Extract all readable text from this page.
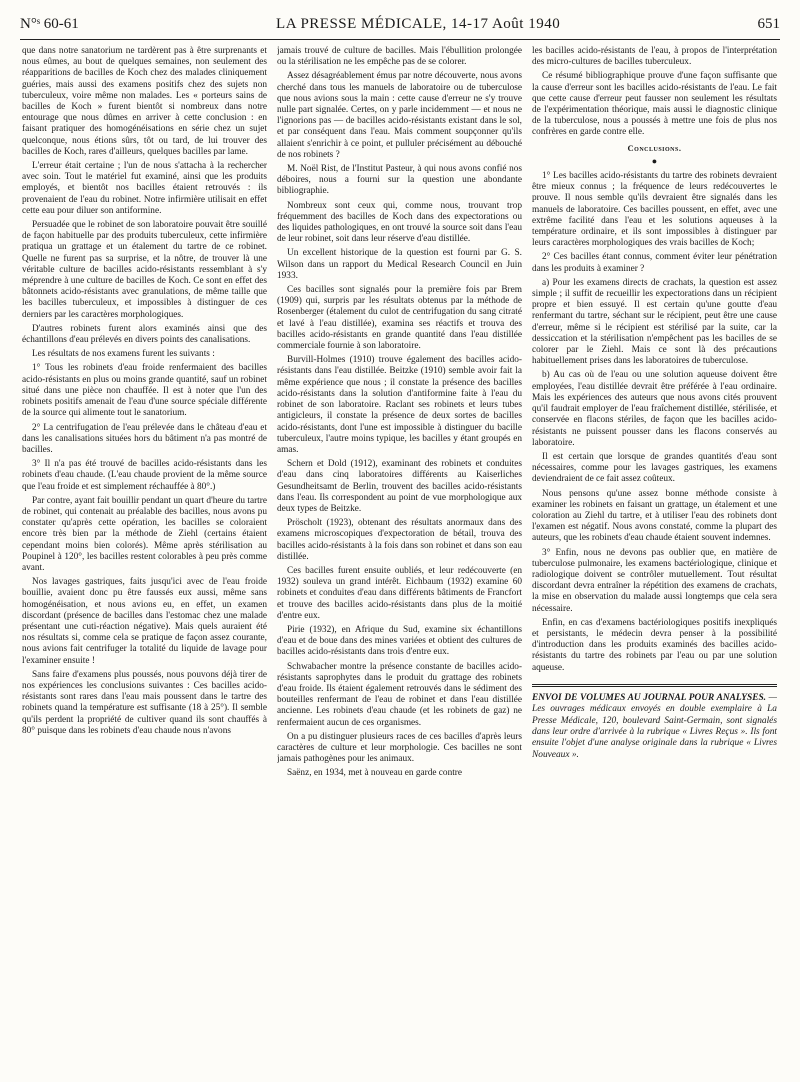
N°ˢ 60-61	LA PRESSE MÉDICALE, 14-17 Août 1940	651

que dans notre sanatorium ne tardèrent pas à être surprenants et nous eûmes, au bout de quelques semaines, non seulement des réapparitions de bacilles de Koch chez des malades cliniquement guéries, mais aussi des examens positifs chez des sujets non tuberculeux, voire même non malades. Les « porteurs sains de bacilles de Koch » furent bientôt si nombreux dans notre entourage que nous dûmes en arriver à cette conclusion : en faisant pratiquer des homogénéisations en série chez un sujet quelconque, nous étions sûrs, tôt ou tard, de lui trouver des bacilles de Koch, rares d'ailleurs, quelques bacilles par lame.

L'erreur était certaine ; l'un de nous s'attacha à la rechercher avec soin. Tout le matériel fut examiné, ainsi que les produits employés, et bientôt nos bacilles étaient retrouvés : ils provenaient de l'eau du robinet. Notre infirmière utilisait en effet cette eau pour diluer son antiformine.

Persuadée que le robinet de son laboratoire pouvait être souillé de façon habituelle par des produits tuberculeux, cette infirmière pratiqua un grattage et un étalement du tartre de ce robinet. Quelle ne furent pas sa surprise, et la nôtre, de trouver là une véritable culture de bacilles acido-résistants ressemblant à s'y méprendre à une culture de bacilles de Koch. Ce sont en effet des bâtonnets acido-résistants avec granulations, de même taille que les bacilles tuberculeux, et impossibles à distinguer de ces derniers par les caractères morphologiques.

D'autres robinets furent alors examinés ainsi que des échantillons d'eau prélevés en divers points des canalisations.

Les résultats de nos examens furent les suivants :

1° Tous les robinets d'eau froide renfermaient des bacilles acido-résistants en plus ou moins grande quantité, sauf un robinet situé dans une pièce non chauffée. Il est à noter que l'un des robinets positifs amenait de l'eau d'une source spéciale différente de la source qui alimente tout le sanatorium.

2° La centrifugation de l'eau prélevée dans le château d'eau et dans les canalisations situées hors du bâtiment n'a pas montré de bacilles.

3° Il n'a pas été trouvé de bacilles acido-résistants dans les robinets d'eau chaude. (L'eau chaude provient de la même source que l'eau froide et est simplement réchauffée à 80°.)

Par contre, ayant fait bouillir pendant un quart d'heure du tartre de robinet, qui contenait au préalable des bacilles, nous avons pu constater qu'après cette opération, les bacilles se coloraient encore très bien par la méthode de Ziehl (certains étaient cependant moins bien colorés). Même après stérilisation au Poupinel à 120°, les bacilles restent colorables à peu près comme avant.

Nos lavages gastriques, faits jusqu'ici avec de l'eau froide bouillie, avaient donc pu être faussés eux aussi, même sans homogénéisation, et nous avions eu, en effet, un examen discordant (présence de bacilles dans l'estomac chez une malade présentant une cuti-réaction négative). Mais quels auraient été nos résultats si, comme cela se pratique de façon assez courante, nous avions fait centrifuger la totalité du liquide de lavage pour l'examiner ensuite !

Sans faire d'examens plus poussés, nous pouvons déjà tirer de nos expériences les conclusions suivantes : Ces bacilles acido-résistants sont rares dans l'eau mais poussent dans le tartre des robinets quand la température est suffisante (18 à 25°). Il semble qu'ils perdent la propriété de cultiver quand ils sont chauffés à 80° puisque dans les robinets d'eau chaude nous n'avons

jamais trouvé de culture de bacilles. Mais l'ébullition prolongée ou la stérilisation ne les empêche pas de se colorer.

Assez désagréablement émus par notre découverte, nous avons cherché dans tous les manuels de laboratoire ou de tuberculose que nous avions sous la main : cette cause d'erreur ne s'y trouve nulle part signalée. Certes, on y parle incidemment — et nous ne l'ignorions pas — de bacilles acido-résistants existant dans le sol, et par conséquent dans l'eau. Mais comment soupçonner qu'ils allaient s'enrichir à ce point, et pulluler précisément au débouché de nos robinets ?

M. Noël Rist, de l'Institut Pasteur, à qui nous avons confié nos déboires, nous a fourni sur la question une abondante bibliographie.

Nombreux sont ceux qui, comme nous, trouvant trop fréquemment des bacilles de Koch dans des expectorations ou des liquides pathologiques, en ont trouvé la source soit dans l'eau de leur robinet, soit dans leur réserve d'eau distillée.

Un excellent historique de la question est fourni par G. S. Wilson dans un rapport du Medical Research Council en Juin 1933.

Ces bacilles sont signalés pour la première fois par Brem (1909) qui, surpris par les résultats obtenus par la méthode de Rosenberger (étalement du culot de centrifugation du sang citraté et lavé à l'eau distillée), examina ses réactifs et trouva des bacilles acido-résistants en grande quantité dans l'eau distillée commerciale fournie à son laboratoire.

Burvill-Holmes (1910) trouve également des bacilles acido-résistants dans l'eau distillée. Beitzke (1910) semble avoir fait la même expérience que nous ; il constate la présence des bacilles acido-résistants dans la solution d'antiformine faite à l'eau du robinet de son laboratoire. Raclant ses robinets et leurs tubes antigicleurs, il constate la présence de deux sortes de bacilles acido-résistants, dont l'une est impossible à distinguer du bacille tuberculeux, l'autre moins typique, les bacilles y étant groupés en amas.

Schern et Dold (1912), examinant des robinets et conduites d'eau dans cinq laboratoires différents au Kaiserliches Gesundheitsamt de Berlin, trouvent des bacilles acido-résistants dans l'eau. Ils correspondent au point de vue morphologique aux deux types de Beitzke.

Pröscholt (1923), obtenant des résultats anormaux dans des examens microscopiques d'expectoration de bétail, trouva des bacilles acido-résistants à la fois dans son robinet et dans son eau distillée.

Ces bacilles furent ensuite oubliés, et leur redécouverte (en 1932) souleva un grand intérêt. Eichbaum (1932) examine 60 robinets et conduites d'eau dans différents bâtiments de Francfort et trouve des bacilles acido-résistants dans plus de la moitié d'entre eux.

Pirie (1932), en Afrique du Sud, examine six échantillons d'eau et de boue dans des mines variées et obtient des cultures de bacilles acido-résistants dans trois d'entre eux.

Schwabacher montre la présence constante de bacilles acido-résistants saprophytes dans le produit du grattage des robinets d'eau froide. Ils étaient également retrouvés dans le sédiment des bouteilles renfermant de l'eau de robinet et dans l'eau distillée ancienne. Les robinets d'eau chaude (et les robinets de gaz) ne renfermaient aucun de ces organismes.

On a pu distinguer plusieurs races de ces bacilles d'après leurs caractères de culture et leur morphologie. Ces bacilles ne sont jamais pathogènes pour les animaux.

Saënz, en 1934, met à nouveau en garde contre

les bacilles acido-résistants de l'eau, à propos de l'interprétation des micro-cultures de bacilles tuberculeux.

Ce résumé bibliographique prouve d'une façon suffisante que la cause d'erreur sont les bacilles acido-résistants de l'eau. Le fait que cette cause d'erreur peut fausser non seulement les résultats de l'expérimentation théorique, mais aussi le diagnostic clinique de la tuberculose, nous a poussés à mettre une fois de plus nos confrères en garde contre elle.

Conclusions.
●

1° Les bacilles acido-résistants du tartre des robinets devraient être mieux connus ; la fréquence de leurs redécouvertes le prouve. Il nous semble qu'ils devraient être signalés dans les manuels de laboratoire. Ces bacilles poussent, en effet, avec une extrême facilité dans l'eau et les solutions aqueuses à la température ordinaire, et ils sont impossibles à distinguer par leurs caractères morphologiques des vrais bacilles de Koch;

2° Ces bacilles étant connus, comment éviter leur pénétration dans les produits à examiner ?

a) Pour les examens directs de crachats, la question est assez simple ; il suffit de recueillir les expectorations dans un récipient propre et bien essuyé. Il est certain qu'une goutte d'eau renfermant du tartre, séchant sur le récipient, peut être une cause d'erreur, même si le récipient est stérilisé par la suite, car la dessiccation et la stérilisation n'empêchent pas les bacilles de se colorer par le Ziehl. Mais ce sont là des précautions habituellement prises dans les laboratoires de tuberculose.

b) Au cas où de l'eau ou une solution aqueuse doivent être employées, l'eau distillée devrait être préférée à l'eau ordinaire. Mais les expériences des auteurs que nous avons cités prouvent qu'il faudrait employer de l'eau fraîchement distillée, stérilisée, et conservée en flacons stériles, de façon que les bacilles acido-résistants ne puissent pousser dans les flacons conservés au laboratoire.

Il est certain que lorsque de grandes quantités d'eau sont nécessaires, comme pour les lavages gastriques, les examens deviendraient de ce fait assez coûteux.

Nous pensons qu'une assez bonne méthode consiste à examiner les robinets en faisant un grattage, un étalement et une coloration au Ziehl du tartre, et à utiliser l'eau des robinets dont l'examen est négatif. Nous avons constaté, comme la plupart des auteurs, que les robinets d'eau chaude étaient souvent indemnes.

3° Enfin, nous ne devons pas oublier que, en matière de tuberculose pulmonaire, les examens bactériologique, clinique et radiologique doivent se contrôler mutuellement. Tout résultat discordant devra entraîner la répétition des examens de crachats, la mise en observation du malade aussi longtemps que cela sera nécessaire.

Enfin, en cas d'examens bactériologiques positifs inexpliqués et persistants, le médecin devra penser à la possibilité d'introduction dans les produits examinés des bacilles acido-résistants du tartre des robinets par l'eau ou par une solution aqueuse.

ENVOI DE VOLUMES AU JOURNAL POUR ANALYSES. — Les ouvrages médicaux envoyés en double exemplaire à La Presse Médicale, 120, boulevard Saint-Germain, sont signalés dans leur ordre d'arrivée à la rubrique « Livres Reçus ». Ils font ensuite l'objet d'une analyse originale dans la rubrique « Livres Nouveaux ».
